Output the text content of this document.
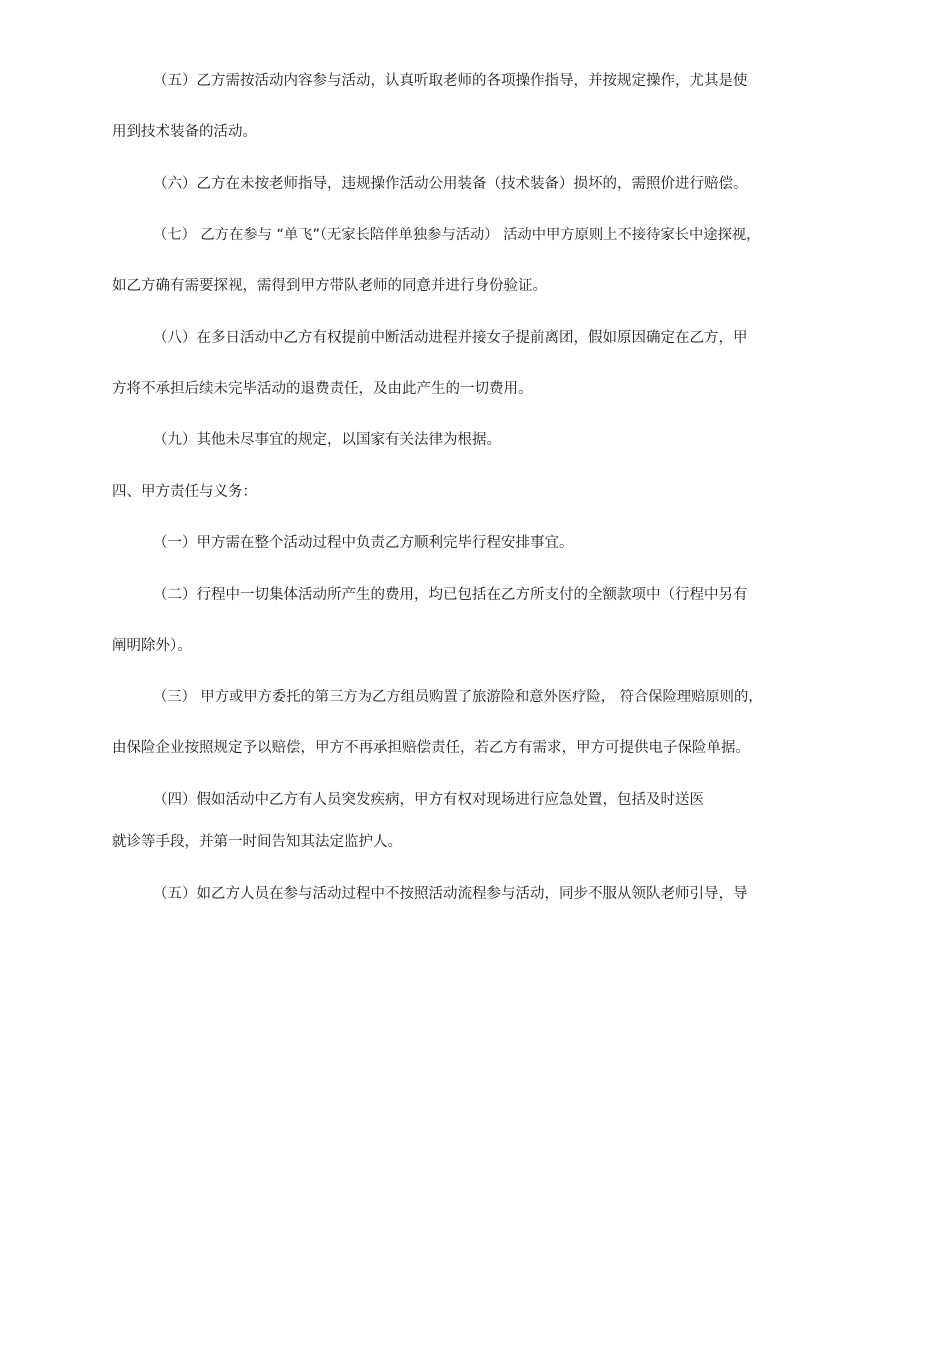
（五）乙方需按活动内容参与活动，认真听取老师的各项操作指导，并按规定操作，尤其是使

用到技术装备的活动。

（六）乙方在未按老师指导，违规操作活动公用装备（技术装备）损坏的，需照价进行赔偿。

（七） 乙方在参与 “单飞”（无家长陪伴单独参与活动） 活动中甲方原则上不接待家长中途探视，

如乙方确有需要探视，需得到甲方带队老师的同意并进行身份验证。

（八）在多日活动中乙方有权提前中断活动进程并接女子提前离团，假如原因确定在乙方，甲

方将不承担后续未完毕活动的退费责任，及由此产生的一切费用。

（九）其他未尽事宜的规定，以国家有关法律为根据。

四、甲方责任与义务：

（一）甲方需在整个活动过程中负责乙方顺利完毕行程安排事宜。

（二）行程中一切集体活动所产生的费用，均已包括在乙方所支付的全额款项中（行程中另有

阐明除外）。

（三） 甲方或甲方委托的第三方为乙方组员购置了旅游险和意外医疗险， 符合保险理赔原则的，

由保险企业按照规定予以赔偿，甲方不再承担赔偿责任，若乙方有需求，甲方可提供电子保险单据。

（四）假如活动中乙方有人员突发疾病，甲方有权对现场进行应急处置，包括及时送医

就诊等手段，并第一时间告知其法定监护人。

（五）如乙方人员在参与活动过程中不按照活动流程参与活动，同步不服从领队老师引导，导
